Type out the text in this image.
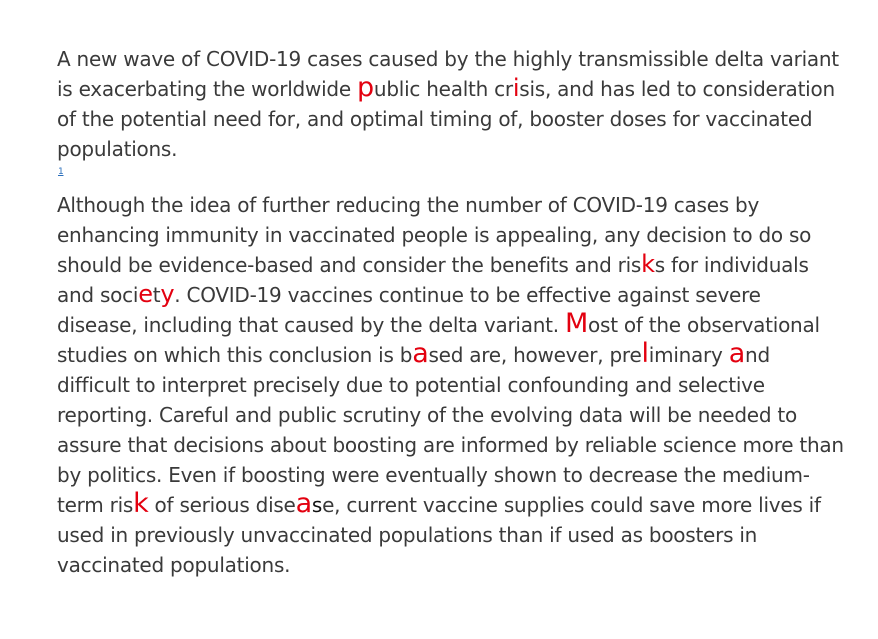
A new wave of COVID-19 cases caused by the highly transmissible delta variant is exacerbating the worldwide public health crisis, and has led to consideration of the potential need for, and optimal timing of, booster doses for vaccinated populations.

1

Although the idea of further reducing the number of COVID-19 cases by enhancing immunity in vaccinated people is appealing, any decision to do so should be evidence-based and consider the benefits and risks for individuals and society. COVID-19 vaccines continue to be effective against severe disease, including that caused by the delta variant. Most of the observational studies on which this conclusion is based are, however, preliminary and difficult to interpret precisely due to potential confounding and selective reporting. Careful and public scrutiny of the evolving data will be needed to assure that decisions about boosting are informed by reliable science more than by politics. Even if boosting were eventually shown to decrease the medium-term risk of serious disease, current vaccine supplies could save more lives if used in previously unvaccinated populations than if used as boosters in vaccinated populations.
